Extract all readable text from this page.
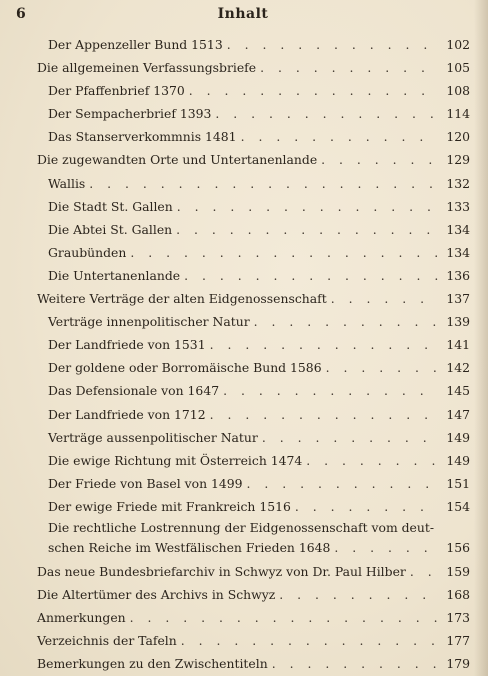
Inhalt
6
Der Appenzeller Bund 1513 . . .	102
Die allgemeinen Verfassungsbriefe . . .	105
Der Pfaffenbrief 1370 . . .	108
Der Sempacherbrief 1393 . . .	114
Das Stanserverkommnis 1481 . . .	120
Die zugewandten Orte und Untertanenlande . . .	129
Wallis . . .	132
Die Stadt St. Gallen . . .	133
Die Abtei St. Gallen . . .	134
Graubünden . . .	134
Die Untertanenlande . . .	136
Weitere Verträge der alten Eidgenossenschaft . . .	137
Verträge innenpolitischer Natur . . .	139
Der Landfriede von 1531 . . .	141
Der goldene oder Borromäische Bund 1586 . . .	142
Das Defensionale von 1647 . . .	145
Der Landfriede von 1712 . . .	147
Verträge aussenpolitischer Natur . . .	149
Die ewige Richtung mit Österreich 1474 . . .	149
Der Friede von Basel von 1499 . . .	151
Der ewige Friede mit Frankreich 1516 . . .	154
Die rechtliche Lostrennung der Eidgenossenschaft vom deut-
schen Reiche im Westfälischen Frieden 1648 . . .	156
Das neue Bundesbriefarchiv in Schwyz von Dr. Paul Hilber . . .	159
Die Altertümer des Archivs in Schwyz . . .	168
Anmerkungen . . .	173
Verzeichnis der Tafeln . . .	177
Bemerkungen zu den Zwischentiteln . . .	179
